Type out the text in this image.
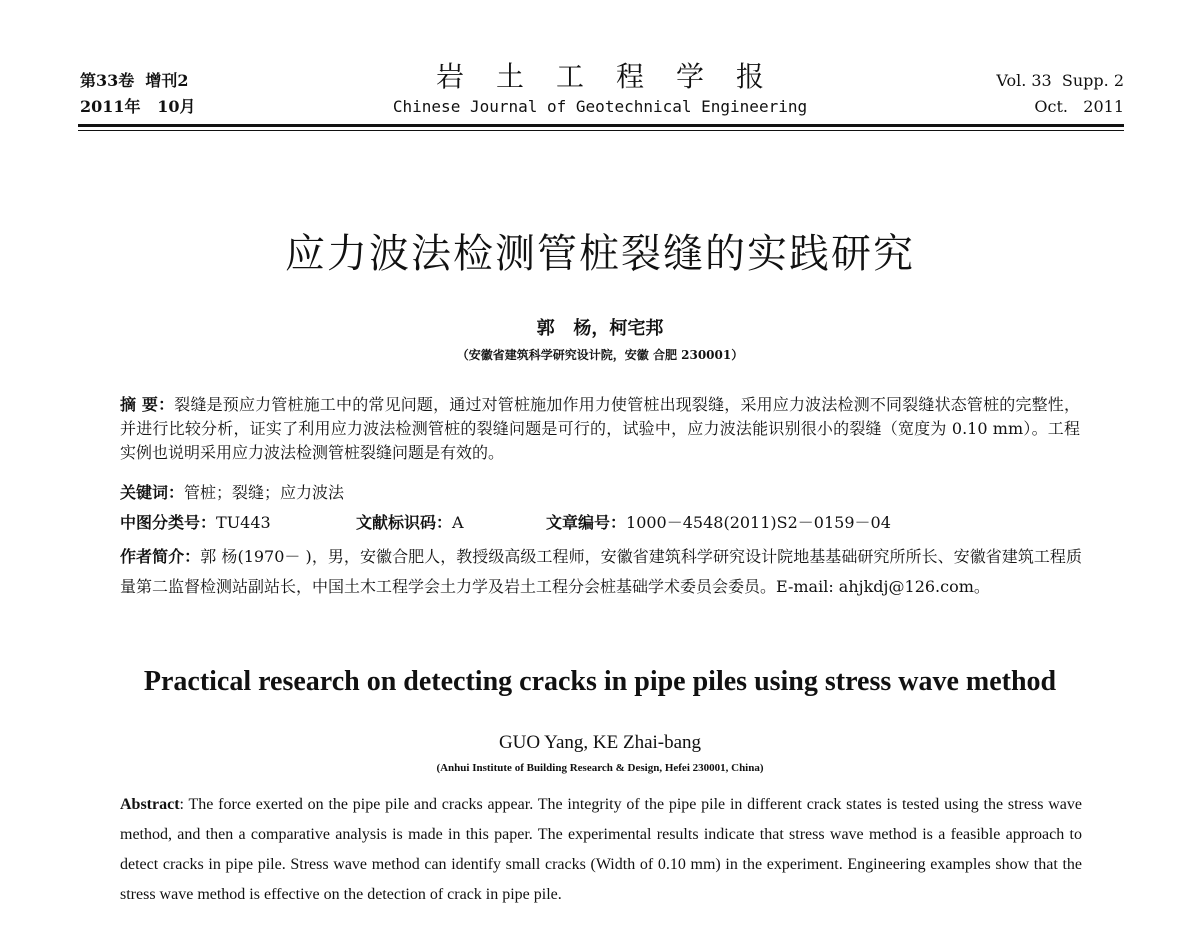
第33卷  增刊2
2011年   10月
岩土工程学报
Chinese Journal of Geotechnical Engineering
Vol. 33  Supp. 2
Oct.   2011
应力波法检测管桩裂缝的实践研究
郭   杨，柯宅邦
（安徽省建筑科学研究设计院，安徽 合肥 230001）
摘 要：裂缝是预应力管桩施工中的常见问题，通过对管桩施加作用力使管桩出现裂缝，采用应力波法检测不同裂缝状态管桩的完整性，并进行比较分析，证实了利用应力波法检测管桩的裂缝问题是可行的，试验中，应力波法能识别很小的裂缝（宽度为 0.10 mm）。工程实例也说明采用应力波法检测管桩裂缝问题是有效的。
关键词：管桩；裂缝；应力波法
中图分类号：TU443	文献标识码：A	文章编号：1000－4548(2011)S2－0159－04
作者简介：郭 杨(1970－ )，男，安徽合肥人，教授级高级工程师，安徽省建筑科学研究设计院地基基础研究所所长、安徽省建筑工程质量第二监督检测站副站长，中国土木工程学会土力学及岩土工程分会桩基础学术委员会委员。E-mail: ahjkdj@126.com。
Practical research on detecting cracks in pipe piles using stress wave method
GUO Yang, KE Zhai-bang
(Anhui Institute of Building Research & Design, Hefei 230001, China)
Abstract: The force exerted on the pipe pile and cracks appear. The integrity of the pipe pile in different crack states is tested using the stress wave method, and then a comparative analysis is made in this paper. The experimental results indicate that stress wave method is a feasible approach to detect cracks in pipe pile. Stress wave method can identify small cracks (Width of 0.10 mm) in the experiment. Engineering examples show that the stress wave method is effective on the detection of crack in pipe pile.
